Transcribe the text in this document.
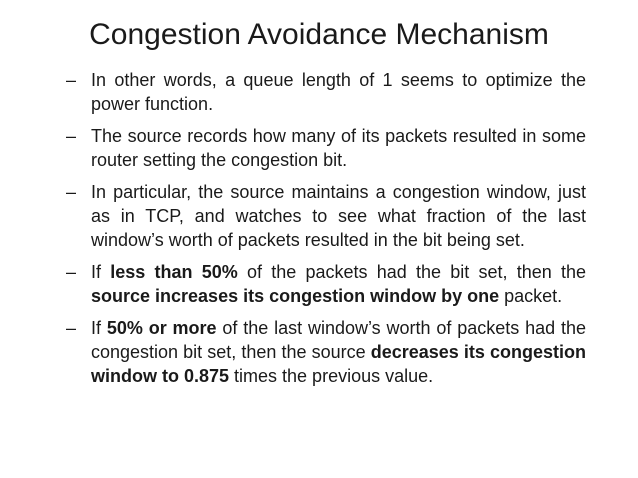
Congestion Avoidance Mechanism
– In other words, a queue length of 1 seems to optimize the power function.
– The source records how many of its packets resulted in some router setting the congestion bit.
– In particular, the source maintains a congestion window, just as in TCP, and watches to see what fraction of the last window’s worth of packets resulted in the bit being set.
– If less than 50% of the packets had the bit set, then the source increases its congestion window by one packet.
– If 50% or more of the last window’s worth of packets had the congestion bit set, then the source decreases its congestion window to 0.875 times the previous value.
